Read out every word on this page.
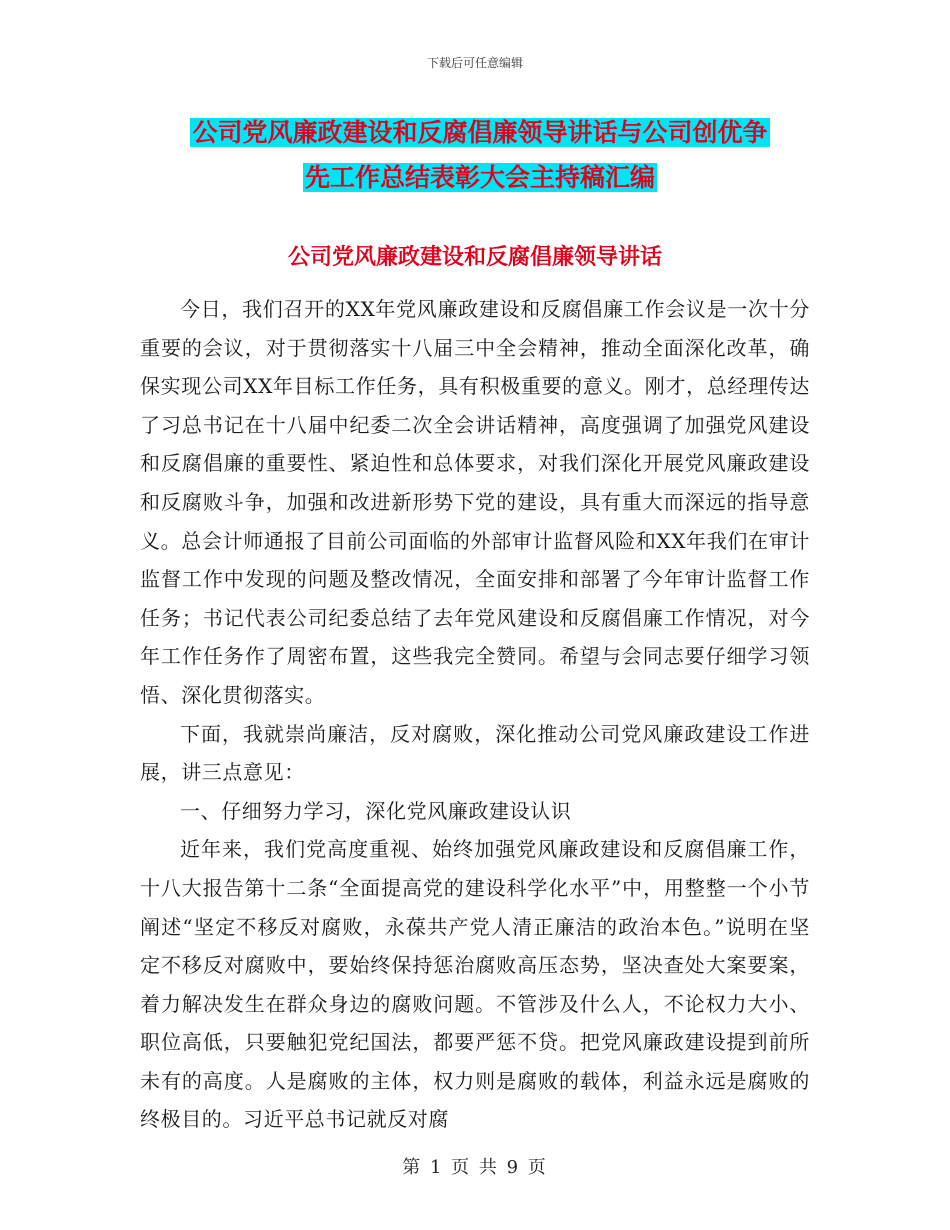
下载后可任意编辑
公司党风廉政建设和反腐倡廉领导讲话与公司创优争
先工作总结表彰大会主持稿汇编
公司党风廉政建设和反腐倡廉领导讲话

今日，我们召开的XX年党风廉政建设和反腐倡廉工作会议是一次十分重要的会议，对于贯彻落实十八届三中全会精神，推动全面深化改革，确保实现公司XX年目标工作任务，具有积极重要的意义。刚才，总经理传达了习总书记在十八届中纪委二次全会讲话精神，高度强调了加强党风建设和反腐倡廉的重要性、紧迫性和总体要求，对我们深化开展党风廉政建设和反腐败斗争，加强和改进新形势下党的建设，具有重大而深远的指导意义。总会计师通报了目前公司面临的外部审计监督风险和XX年我们在审计监督工作中发现的问题及整改情况，全面安排和部署了今年审计监督工作任务；书记代表公司纪委总结了去年党风建设和反腐倡廉工作情况，对今年工作任务作了周密布置，这些我完全赞同。希望与会同志要仔细学习领悟、深化贯彻落实。

下面，我就崇尚廉洁，反对腐败，深化推动公司党风廉政建设工作进展，讲三点意见：

一、仔细努力学习，深化党风廉政建设认识

近年来，我们党高度重视、始终加强党风廉政建设和反腐倡廉工作，十八大报告第十二条“全面提高党的建设科学化水平”中，用整整一个小节阐述“坚定不移反对腐败，永葆共产党人清正廉洁的政治本色。”说明在坚定不移反对腐败中，要始终保持惩治腐败高压态势，坚决查处大案要案，着力解决发生在群众身边的腐败问题。不管涉及什么人，不论权力大小、职位高低，只要触犯党纪国法，都要严惩不贷。把党风廉政建设提到前所未有的高度。人是腐败的主体，权力则是腐败的载体，利益永远是腐败的终极目的。习近平总书记就反对腐

第 1 页 共 9 页
